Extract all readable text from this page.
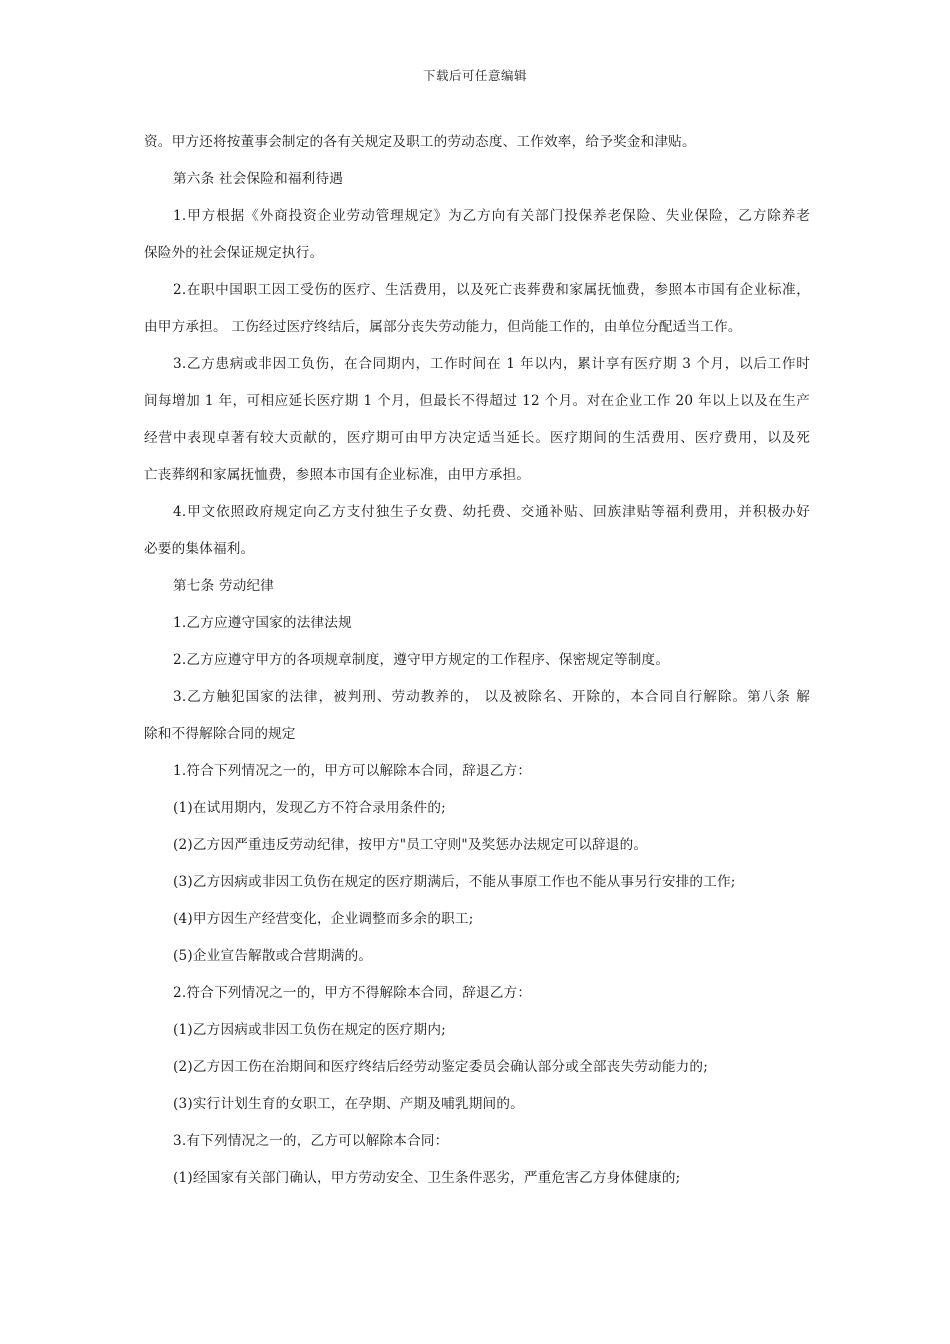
下载后可任意编辑
资。甲方还将按董事会制定的各有关规定及职工的劳动态度、工作效率，给予奖金和津贴。
第六条 社会保险和福利待遇
1.甲方根据《外商投资企业劳动管理规定》为乙方向有关部门投保养老保险、失业保险，乙方除养老
保险外的社会保证规定执行。
2.在职中国职工因工受伤的医疗、生活费用，以及死亡丧葬费和家属抚恤费，参照本市国有企业标准，
由甲方承担。 工伤经过医疗终结后，属部分丧失劳动能力，但尚能工作的，由单位分配适当工作。
3.乙方患病或非因工负伤，在合同期内，工作时间在 1 年以内，累计享有医疗期 3 个月，以后工作时
间每增加 1 年，可相应延长医疗期 1 个月，但最长不得超过 12 个月。对在企业工作 20 年以上以及在生产
经营中表现卓著有较大贡献的，医疗期可由甲方决定适当延长。医疗期间的生活费用、医疗费用，以及死
亡丧葬纲和家属抚恤费，参照本市国有企业标准，由甲方承担。
4.甲文依照政府规定向乙方支付独生子女费、幼托费、交通补贴、回族津贴等福利费用，并积极办好
必要的集体福利。
第七条 劳动纪律
1.乙方应遵守国家的法律法规
2.乙方应遵守甲方的各项规章制度，遵守甲方规定的工作程序、保密规定等制度。
3.乙方触犯国家的法律，被判刑、劳动教养的， 以及被除名、开除的，本合同自行解除。第八条 解
除和不得解除合同的规定
1.符合下列情况之一的，甲方可以解除本合同，辞退乙方：
(1)在试用期内，发现乙方不符合录用条件的;
(2)乙方因严重违反劳动纪律，按甲方"员工守则"及奖惩办法规定可以辞退的。
(3)乙方因病或非因工负伤在规定的医疗期满后，不能从事原工作也不能从事另行安排的工作;
(4)甲方因生产经营变化，企业调整而多余的职工;
(5)企业宣告解散或合营期满的。
2.符合下列情况之一的，甲方不得解除本合同，辞退乙方：
(1)乙方因病或非因工负伤在规定的医疗期内;
(2)乙方因工伤在治期间和医疗终结后经劳动鉴定委员会确认部分或全部丧失劳动能力的;
(3)实行计划生育的女职工，在孕期、产期及哺乳期间的。
3.有下列情况之一的，乙方可以解除本合同：
(1)经国家有关部门确认，甲方劳动安全、卫生条件恶劣，严重危害乙方身体健康的;
